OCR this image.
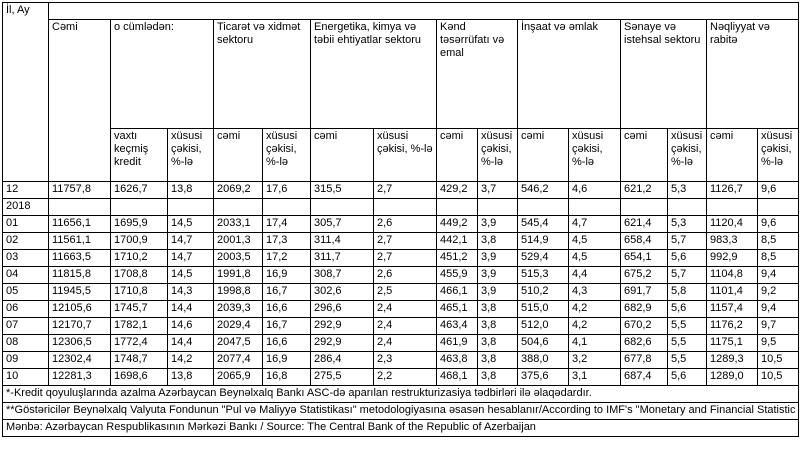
İl, Ay															
	Cəmi	o cümlədən:		Ticarət və xidmət sektoru		Energetika, kimya və təbii ehtiyatlar sektoru		Kənd təsərrüfatı və emal		İnşaat və əmlak		Sənaye və istehsal sektoru		Nəqliyyat və rabitə	
		vaxtı keçmiş kredit	xüsusi çəkisi, %-lə	cəmi	xüsusi çəkisi, %-lə	cəmi	xüsusi çəkisi, %-lə	cəmi	xüsusi çəkisi, %-lə	cəmi	xüsusi çəkisi, %-lə	cəmi	xüsusi çəkisi, %-lə	cəmi	xüsusi çəkisi, %-lə
12	11757,8	1626,7	13,8	2069,2	17,6	315,5	2,7	429,2	3,7	546,2	4,6	621,2	5,3	1126,7	9,6
2018															
01	11656,1	1695,9	14,5	2033,1	17,4	305,7	2,6	449,2	3,9	545,4	4,7	621,4	5,3	1120,4	9,6
02	11561,1	1700,9	14,7	2001,3	17,3	311,4	2,7	442,1	3,8	514,9	4,5	658,4	5,7	983,3	8,5
03	11663,5	1710,2	14,7	2003,5	17,2	311,7	2,7	451,2	3,9	529,4	4,5	654,1	5,6	992,9	8,5
04	11815,8	1708,8	14,5	1991,8	16,9	308,7	2,6	455,9	3,9	515,3	4,4	675,2	5,7	1104,8	9,4
05	11945,5	1710,8	14,3	1998,8	16,7	302,6	2,5	466,1	3,9	510,2	4,3	691,7	5,8	1101,4	9,2
06	12105,6	1745,7	14,4	2039,3	16,6	296,6	2,4	465,1	3,8	515,0	4,2	682,9	5,6	1157,4	9,4
07	12170,7	1782,1	14,6	2029,4	16,7	292,9	2,4	463,4	3,8	512,0	4,2	670,2	5,5	1176,2	9,7
08	12306,5	1772,4	14,4	2047,5	16,6	292,9	2,4	461,9	3,8	504,6	4,1	682,6	5,5	1175,1	9,5
09	12302,4	1748,7	14,2	2077,4	16,9	286,4	2,3	463,8	3,8	388,0	3,2	677,8	5,5	1289,3	10,5
10	12281,3	1698,6	13,8	2065,9	16,8	275,5	2,2	468,1	3,8	375,6	3,1	687,4	5,6	1289,0	10,5
*-Kredit qoyuluşlarında azalma Azərbaycan Beynəlxalq Bankı ASC-də aparılan restrukturizasiya tədbirləri ilə əlaqədardır.															
**Göstəricilər Beynəlxalq Valyuta Fondunun "Pul və Maliyyə Statistikası" metodologiyasına əsasən hesablanır/According to IMF's "Monetary and Financial Statistic															
Mənbə: Azərbaycan Respublikasının Mərkəzi Bankı / Source: The Central Bank of the Republic of Azerbaijan															
